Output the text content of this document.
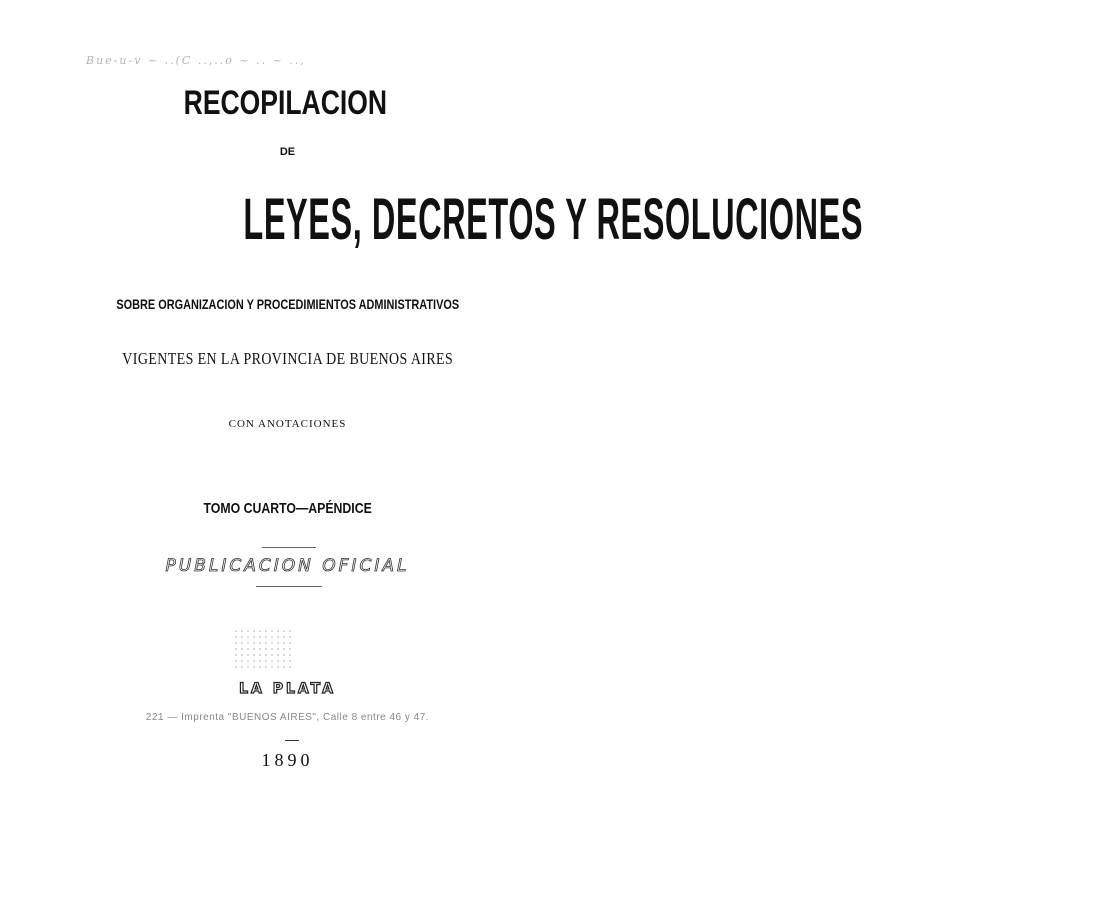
Bue-u-v ~ ..(C ..,..o ~ .. ~ ..,
RECOPILACION
DE
LEYES, DECRETOS Y RESOLUCIONES
SOBRE ORGANIZACION Y PROCEDIMIENTOS ADMINISTRATIVOS
VIGENTES EN LA PROVINCIA DE BUENOS AIRES
CON ANOTACIONES
TOMO CUARTO—APÉNDICE
PUBLICACION OFICIAL
LA PLATA
221 — Imprenta "BUENOS AIRES", Calle 8 entre 46 y 47.
1890
